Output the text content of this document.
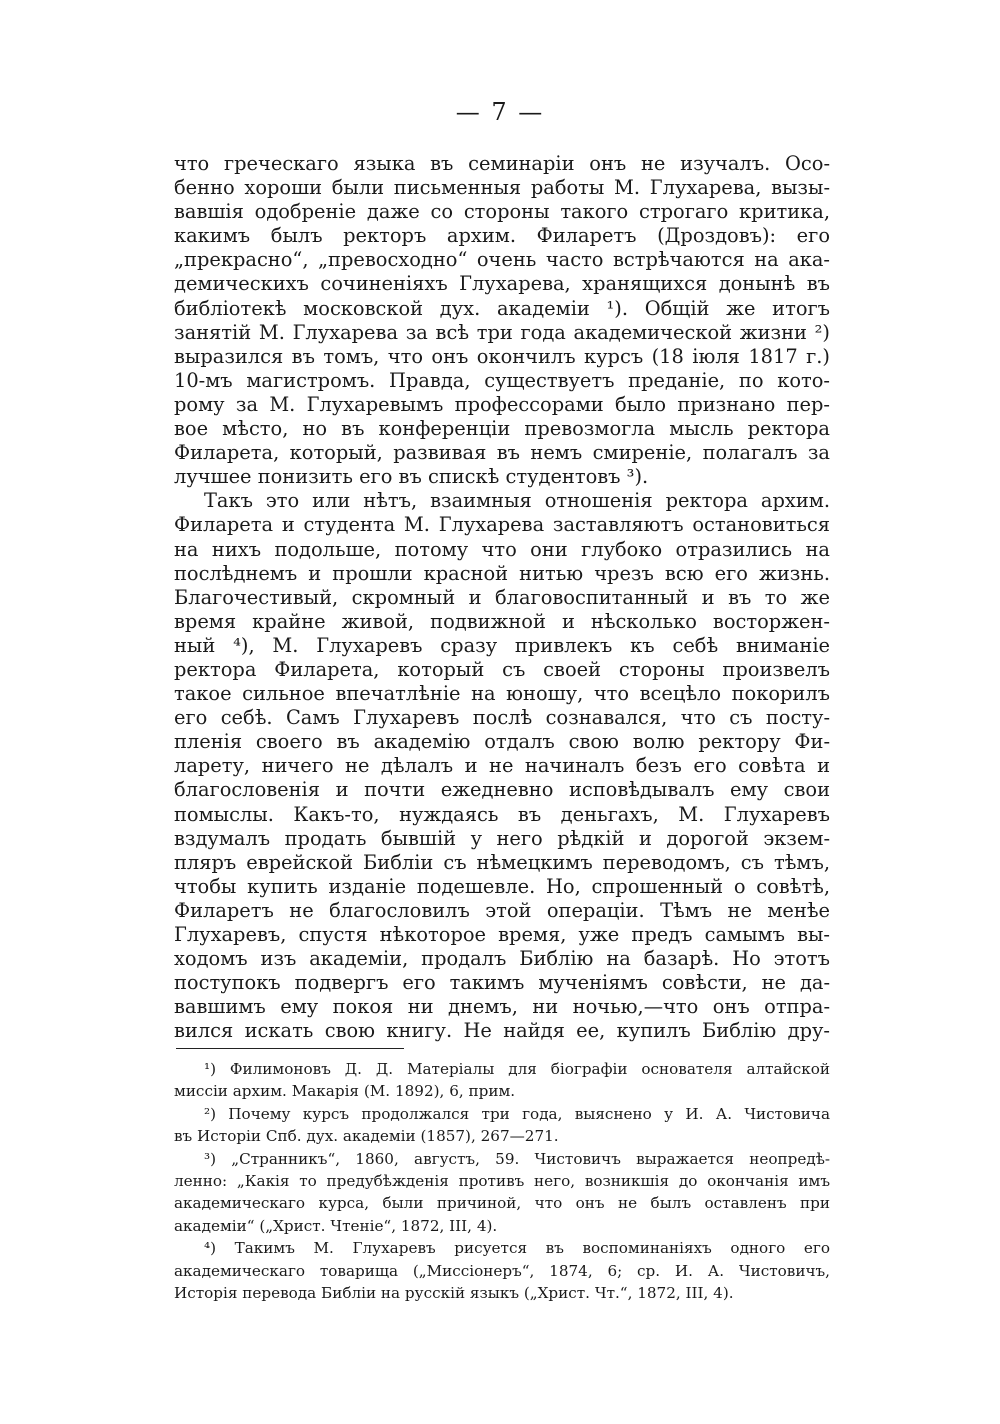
— 7 —

что греческаго языка въ семинаріи онъ не изучалъ. Осо-
бенно хороши были письменныя работы М. Глухарева, вызы-
вавшія одобреніе даже со стороны такого строгаго критика,
какимъ былъ ректоръ архим. Филаретъ (Дроздовъ): его
„прекрасно“, „превосходно“ очень часто встрѣчаются на ака-
демическихъ сочиненіяхъ Глухарева, хранящихся донынѣ въ
библіотекѣ московской дух. академіи ¹). Общій же итогъ
занятій М. Глухарева за всѣ три года академической жизни ²)
выразился въ томъ, что онъ окончилъ курсъ (18 іюля 1817 г.)
10-мъ магистромъ. Правда, существуетъ преданіе, по кото-
рому за М. Глухаревымъ профессорами было признано пер-
вое мѣсто, но въ конференціи превозмогла мысль ректора
Филарета, который, развивая въ немъ смиреніе, полагалъ за
лучшее понизить его въ спискѣ студентовъ ³).

Такъ это или нѣтъ, взаимныя отношенія ректора архим.
Филарета и студента М. Глухарева заставляютъ остановиться
на нихъ подольше, потому что они глубоко отразились на
послѣднемъ и прошли красной нитью чрезъ всю его жизнь.
Благочестивый, скромный и благовоспитанный и въ то же
время крайне живой, подвижной и нѣсколько восторжен-
ный ⁴), М. Глухаревъ сразу привлекъ къ себѣ вниманіе
ректора Филарета, который съ своей стороны произвелъ
такое сильное впечатлѣніе на юношу, что всецѣло покорилъ
его себѣ. Самъ Глухаревъ послѣ сознавался, что съ посту-
пленія своего въ академію отдалъ свою волю ректору Фи-
ларету, ничего не дѣлалъ и не начиналъ безъ его совѣта и
благословенія и почти ежедневно исповѣдывалъ ему свои
помыслы. Какъ-то, нуждаясь въ деньгахъ, М. Глухаревъ
вздумалъ продать бывшій у него рѣдкій и дорогой экзем-
пляръ еврейской Библіи съ нѣмецкимъ переводомъ, съ тѣмъ,
чтобы купить изданіе подешевле. Но, спрошенный о совѣтѣ,
Филаретъ не благословилъ этой операціи. Тѣмъ не менѣе
Глухаревъ, спустя нѣкоторое время, уже предъ самымъ вы-
ходомъ изъ академіи, продалъ Библію на базарѣ. Но этотъ
поступокъ подвергъ его такимъ мученіямъ совѣсти, не да-
вавшимъ ему покоя ни днемъ, ни ночью,—что онъ отпра-
вился искать свою книгу. Не найдя ее, купилъ Библію дру-

¹) Филимоновъ Д. Д. Матеріалы для біографіи основателя алтайской
миссіи архим. Макарія (М. 1892), 6, прим.

²) Почему курсъ продолжался три года, выяснено у И. А. Чистовича
въ Исторіи Спб. дух. академіи (1857), 267—271.

³) „Странникъ“, 1860, августъ, 59. Чистовичъ выражается неопредѣ-
ленно: „Какія то предубѣжденія противъ него, возникшія до окончанія имъ
академическаго курса, были причиной, что онъ не былъ оставленъ при
академіи“ („Христ. Чтеніе“, 1872, III, 4).

⁴) Такимъ М. Глухаревъ рисуется въ воспоминаніяхъ одного его
академическаго товарища („Миссіонеръ“, 1874, 6; ср. И. А. Чистовичъ,
Исторія перевода Библіи на русскій языкъ („Христ. Чт.“, 1872, III, 4).
